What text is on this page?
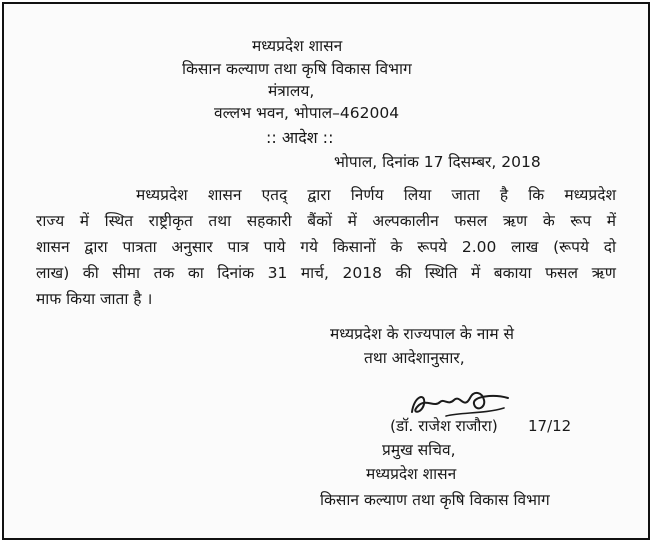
मध्यप्रदेश शासन
किसान कल्याण तथा कृषि विकास विभाग
मंत्रालय,
वल्लभ भवन, भोपाल–462004
:: आदेश ::
भोपाल, दिनांक 17 दिसम्बर, 2018
मध्यप्रदेश शासन एतद् द्वारा निर्णय लिया जाता है कि मध्यप्रदेश
राज्य में स्थित राष्ट्रीकृत तथा सहकारी बैंकों में अल्पकालीन फसल ऋण के रूप में
शासन द्वारा पात्रता अनुसार पात्र पाये गये किसानों के रूपये 2.00 लाख (रूपये दो
लाख) की सीमा तक का दिनांक 31 मार्च, 2018 की स्थिति में बकाया फसल ऋण
माफ किया जाता है ।
मध्यप्रदेश के राज्यपाल के नाम से
तथा आदेशानुसार,
(डॉ. राजेश राजौरा) 17/12
प्रमुख सचिव,
मध्यप्रदेश शासन
किसान कल्याण तथा कृषि विकास विभाग
